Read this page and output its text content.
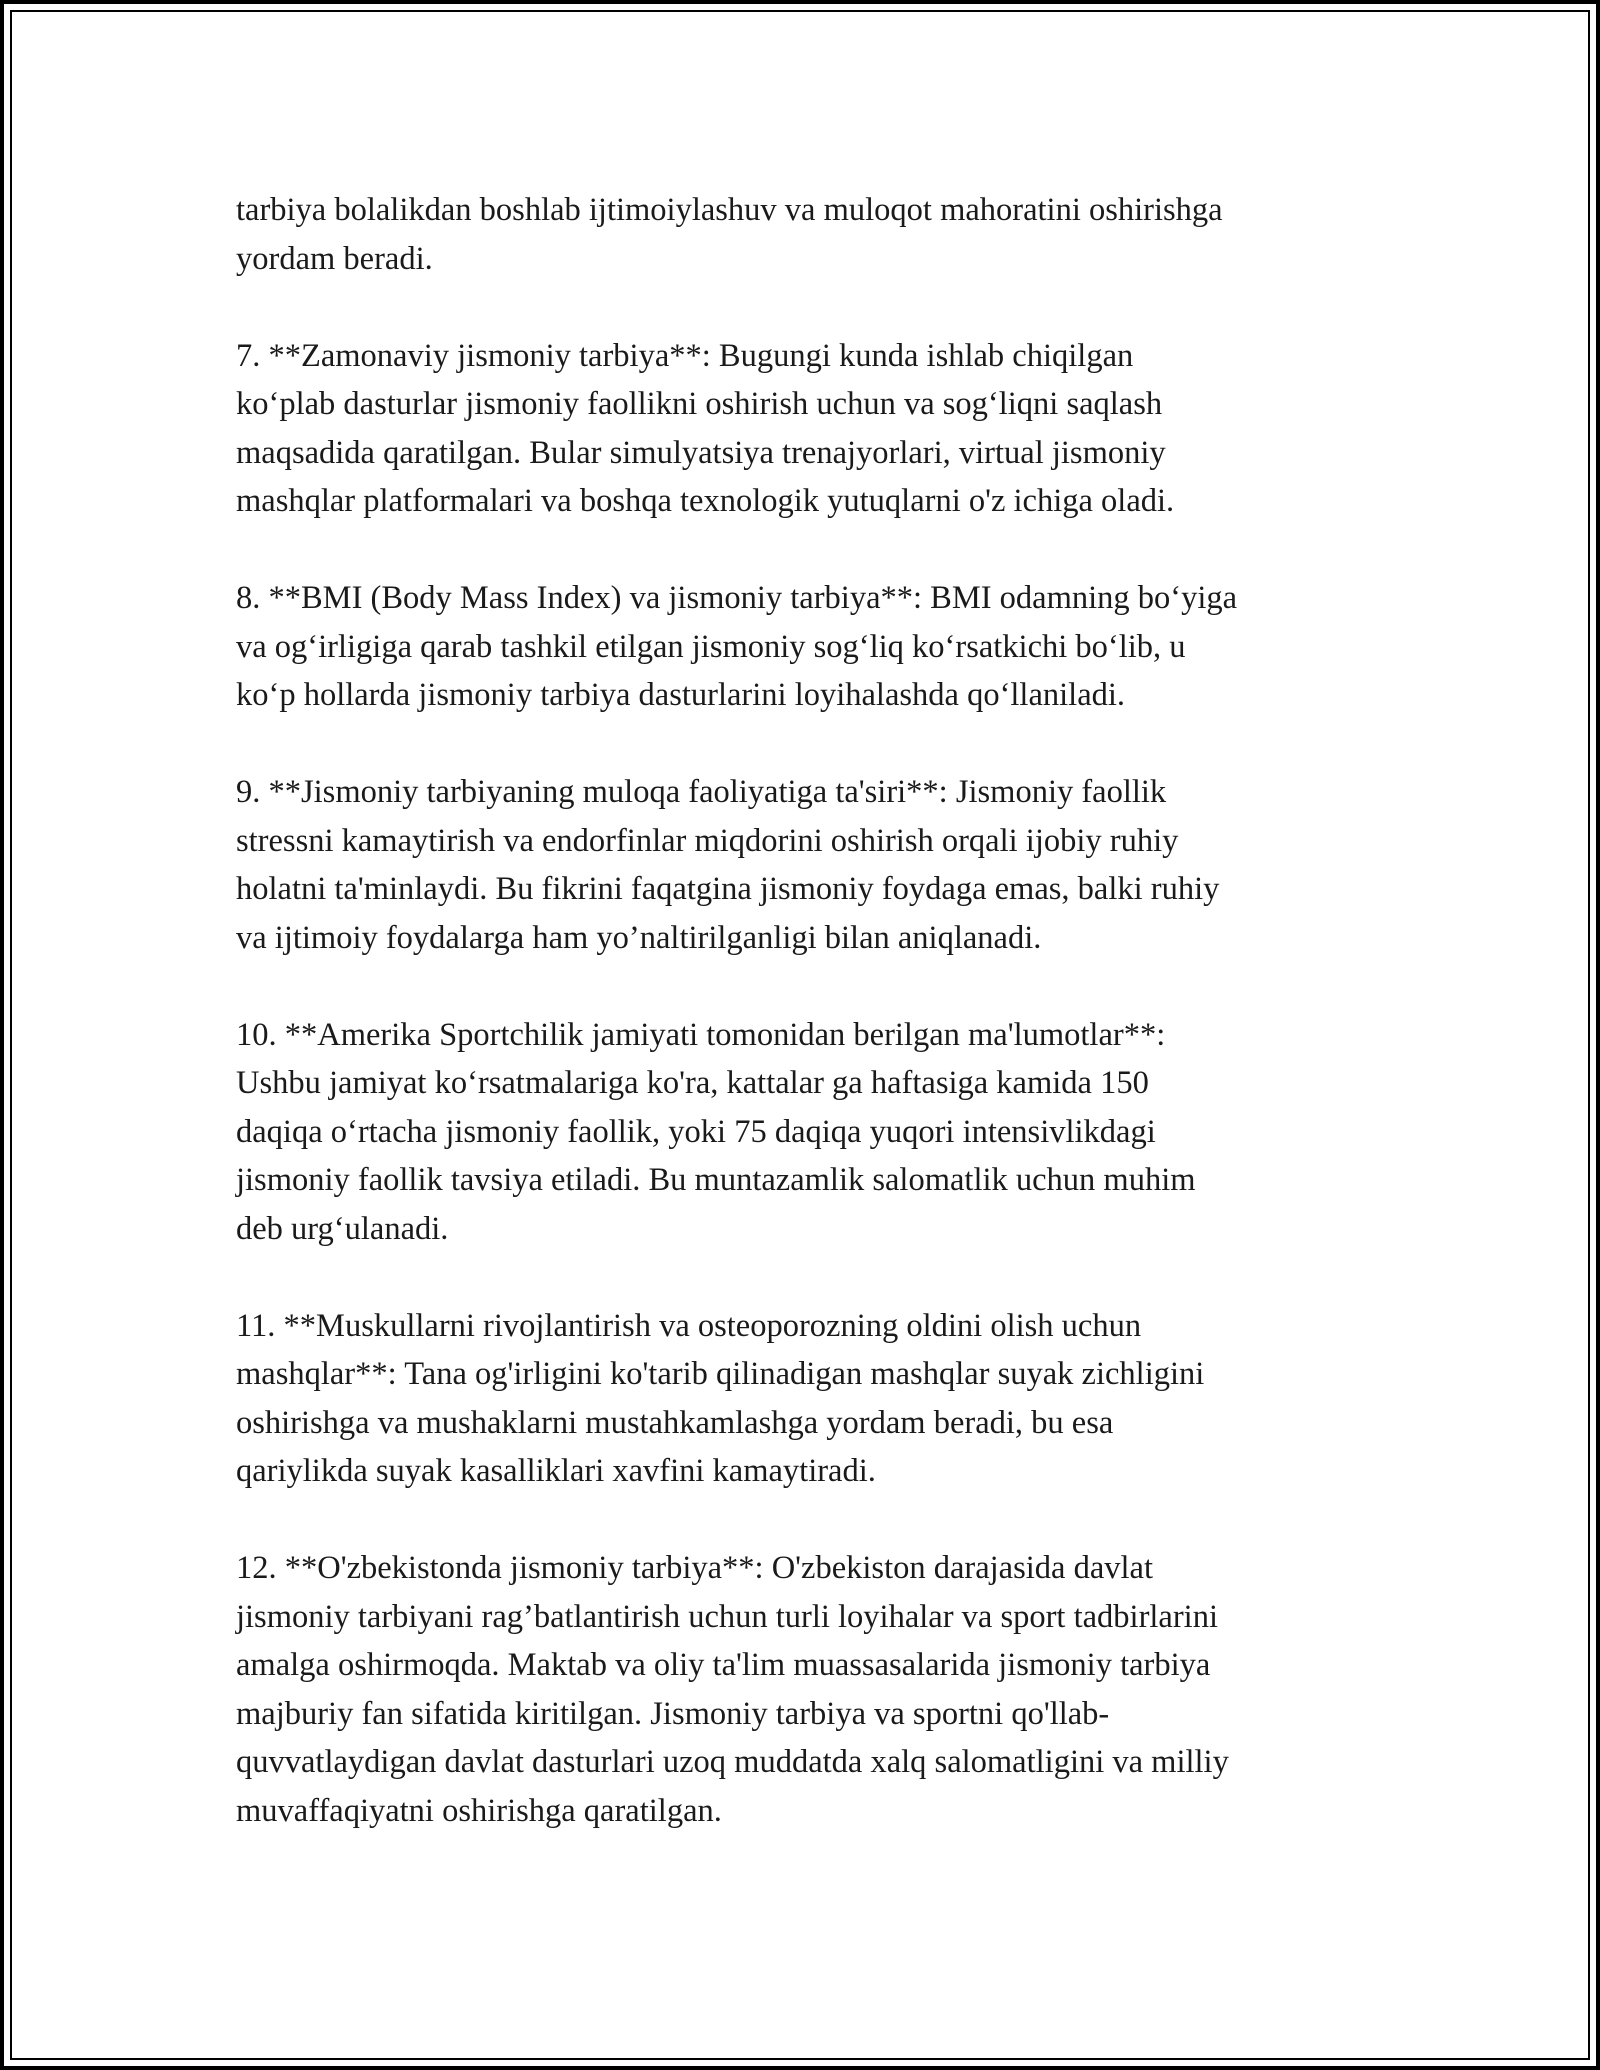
tarbiya bolalikdan boshlab ijtimoiylashuv va muloqot mahoratini oshirishga
yordam beradi.

7. **Zamonaviy jismoniy tarbiya**: Bugungi kunda ishlab chiqilgan
ko‘plab dasturlar jismoniy faollikni oshirish uchun va sog‘liqni saqlash
maqsadida qaratilgan. Bular simulyatsiya trenajyorlari, virtual jismoniy
mashqlar platformalari va boshqa texnologik yutuqlarni o'z ichiga oladi.

8. **BMI (Body Mass Index) va jismoniy tarbiya**: BMI odamning bo‘yiga
va og‘irligiga qarab tashkil etilgan jismoniy sog‘liq ko‘rsatkichi bo‘lib, u
ko‘p hollarda jismoniy tarbiya dasturlarini loyihalashda qo‘llaniladi.

9. **Jismoniy tarbiyaning muloqa faoliyatiga ta'siri**: Jismoniy faollik
stressni kamaytirish va endorfinlar miqdorini oshirish orqali ijobiy ruhiy
holatni ta'minlaydi. Bu fikrini faqatgina jismoniy foydaga emas, balki ruhiy
va ijtimoiy foydalarga ham yo’naltirilganligi bilan aniqlanadi.

10. **Amerika Sportchilik jamiyati tomonidan berilgan ma'lumotlar**:
Ushbu jamiyat ko‘rsatmalariga ko'ra, kattalar ga haftasiga kamida 150
daqiqa o‘rtacha jismoniy faollik, yoki 75 daqiqa yuqori intensivlikdagi
jismoniy faollik tavsiya etiladi. Bu muntazamlik salomatlik uchun muhim
deb urg‘ulanadi.

11. **Muskullarni rivojlantirish va osteoporozning oldini olish uchun
mashqlar**: Tana og'irligini ko'tarib qilinadigan mashqlar suyak zichligini
oshirishga va mushaklarni mustahkamlashga yordam beradi, bu esa
qariylikda suyak kasalliklari xavfini kamaytiradi.

12. **O'zbekistonda jismoniy tarbiya**: O'zbekiston darajasida davlat
jismoniy tarbiyani rag’batlantirish uchun turli loyihalar va sport tadbirlarini
amalga oshirmoqda. Maktab va oliy ta'lim muassasalarida jismoniy tarbiya
majburiy fan sifatida kiritilgan. Jismoniy tarbiya va sportni qo'llab-
quvvatlaydigan davlat dasturlari uzoq muddatda xalq salomatligini va milliy
muvaffaqiyatni oshirishga qaratilgan.
